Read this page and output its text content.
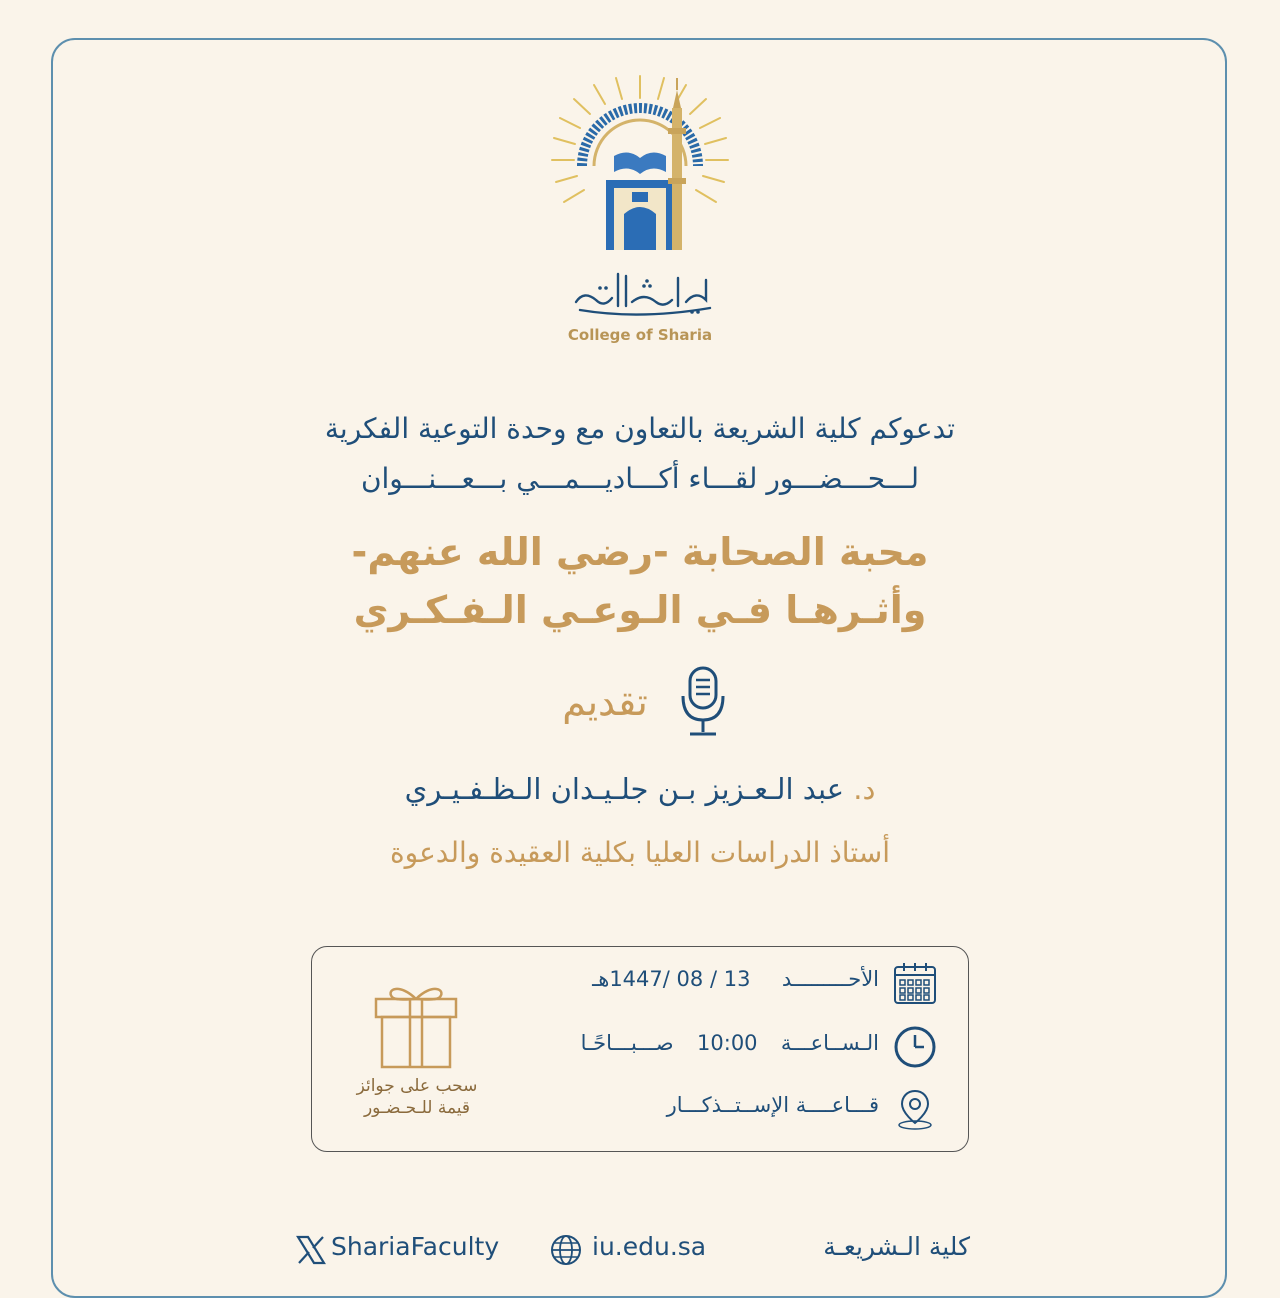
College of Sharia
تدعوكم كلية الشريعة بالتعاون مع وحدة التوعية الفكرية
لـــحـــضـــور لقـــاء أكـــاديـــمـــي بـــعـــنـــوان
محبة الصحابة -رضي الله عنهم-
وأثـرهـا فـي الـوعـي الـفـكـري
تقديم
د. عبد الـعـزيز بـن جلـيـدان الـظـفـيـري
أستاذ الدراسات العليا بكلية العقيدة والدعوة
الأحـــــــــد  13 / 08 /1447هـ
الـســاعـــة  10:00  صـــبـــاحًـا
قـــاعــــة الإســتــذكـــار
سحب على جوائز
قيمة للـحـضـور
ShariaFaculty	iu.edu.sa	كلية الـشريعـة
